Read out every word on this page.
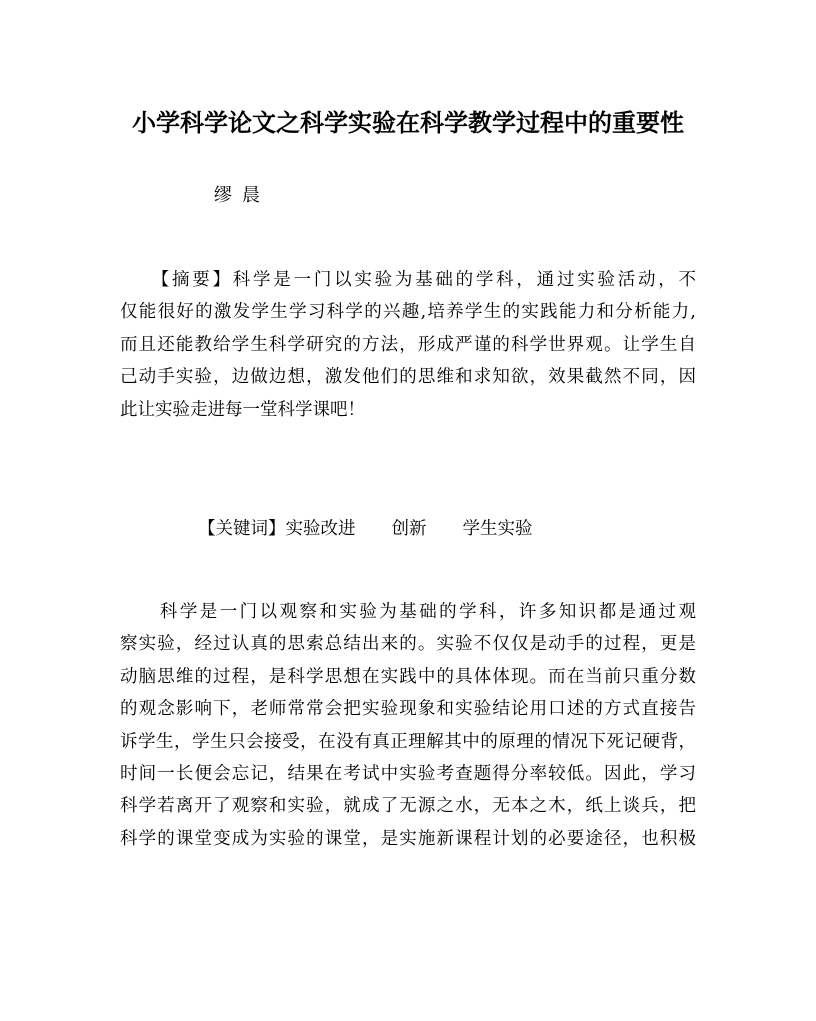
小学科学论文之科学实验在科学教学过程中的重要性
缪 晨
　　【摘要】科学是一门以实验为基础的学科，通过实验活动，不
仅能很好的激发学生学习科学的兴趣,培养学生的实践能力和分析能力,
而且还能教给学生科学研究的方法，形成严谨的科学世界观。让学生自
己动手实验，边做边想，激发他们的思维和求知欲，效果截然不同，因
此让实验走进每一堂科学课吧！
【关键词】实验改进 创新 学生实验
　　科学是一门以观察和实验为基础的学科，许多知识都是通过观
察实验，经过认真的思索总结出来的。实验不仅仅是动手的过程，更是
动脑思维的过程，是科学思想在实践中的具体体现。而在当前只重分数
的观念影响下，老师常常会把实验现象和实验结论用口述的方式直接告
诉学生，学生只会接受，在没有真正理解其中的原理的情况下死记硬背，
时间一长便会忘记，结果在考试中实验考查题得分率较低。因此，学习
科学若离开了观察和实验，就成了无源之水，无本之木，纸上谈兵，把
科学的课堂变成为实验的课堂，是实施新课程计划的必要途径，也积极
